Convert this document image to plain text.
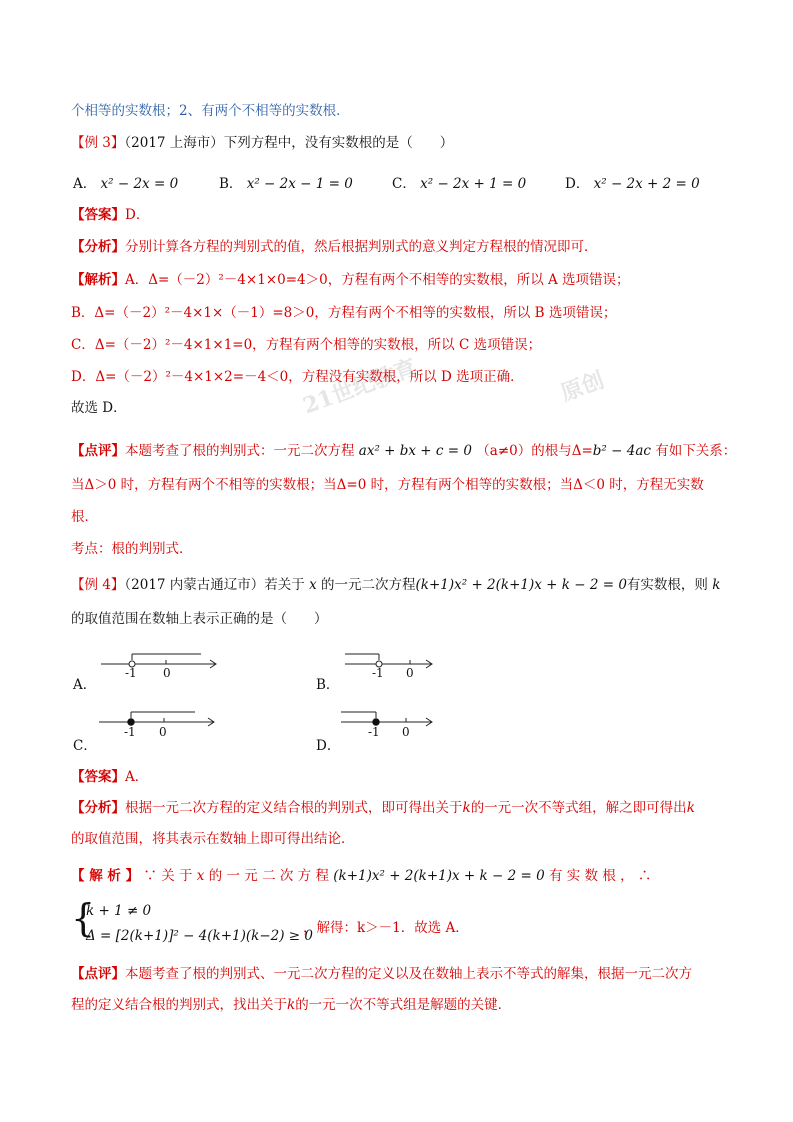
21世纪教育	原创
个相等的实数根；2、有两个不相等的实数根．
【例 3】（2017 上海市）下列方程中，没有实数根的是（　　）
A． x² − 2x = 0	B． x² − 2x − 1 = 0	C． x² − 2x + 1 = 0	D． x² − 2x + 2 = 0
【答案】D．
【分析】分别计算各方程的判别式的值，然后根据判别式的意义判定方程根的情况即可．
【解析】A．Δ=（－2）²－4×1×0=4＞0，方程有两个不相等的实数根，所以 A 选项错误；
B．Δ=（－2）²－4×1×（－1）=8＞0，方程有两个不相等的实数根，所以 B 选项错误；
C．Δ=（－2）²－4×1×1=0，方程有两个相等的实数根，所以 C 选项错误；
D．Δ=（－2）²－4×1×2=－4＜0，方程没有实数根，所以 D 选项正确．
故选 D．
【点评】本题考查了根的判别式：一元二次方程 ax² + bx + c = 0 （a≠0）的根与Δ=b² − 4ac 有如下关系：
当Δ＞0 时，方程有两个不相等的实数根；当Δ=0 时，方程有两个相等的实数根；当Δ＜0 时，方程无实数
根．
考点：根的判别式．
【例 4】（2017 内蒙古通辽市）若关于 x 的一元二次方程(k+1)x² + 2(k+1)x + k − 2 = 0有实数根，则 k
的取值范围在数轴上表示正确的是（　　）
A．
-1 0
B．
-1 0
C．
-1 0
D．
-1 0
【答案】A．
【分析】根据一元二次方程的定义结合根的判别式，即可得出关于k的一元一次不等式组，解之即可得出k
的取值范围，将其表示在数轴上即可得出结论．
【 解 析 】 ∵ 关 于 x 的 一 元 二 次 方 程 (k+1)x² + 2(k+1)x + k − 2 = 0 有 实 数 根 ， ∴
{
k + 1 ≠ 0
Δ = [2(k+1)]² − 4(k+1)(k−2) ≥ 0
，解得：k＞－1．故选 A．
【点评】本题考查了根的判别式、一元二次方程的定义以及在数轴上表示不等式的解集，根据一元二次方
程的定义结合根的判别式，找出关于k的一元一次不等式组是解题的关键．
